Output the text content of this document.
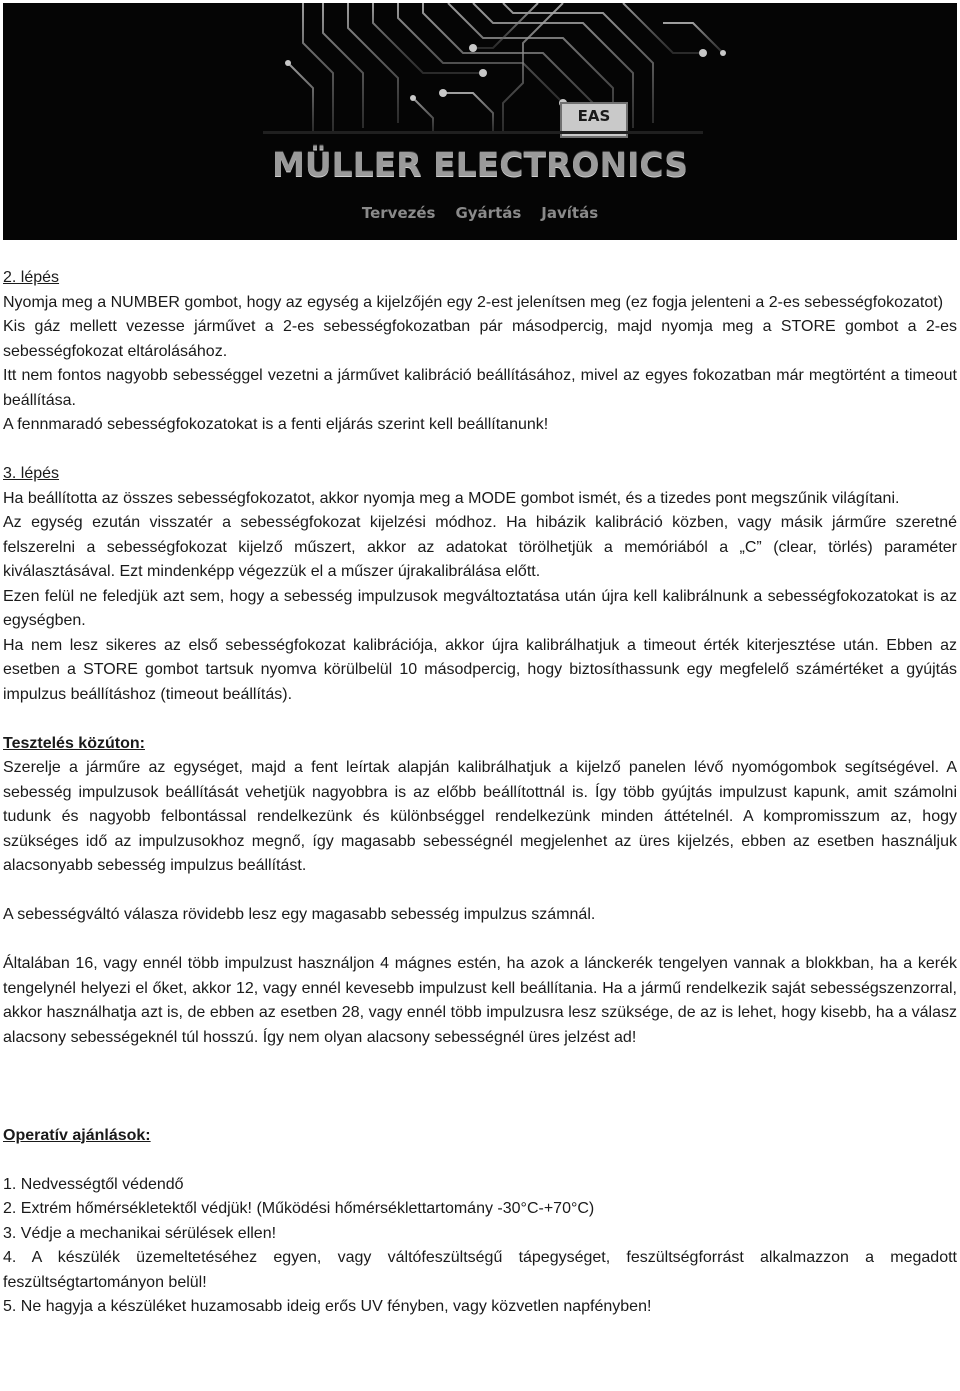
EAS
MÜLLER ELECTRONICS
Tervezés Gyártás Javítás

2. lépés

Nyomja meg a NUMBER gombot, hogy az egység a kijelzőjén egy 2-est jelenítsen meg (ez fogja jelenteni a 2-es sebességfokozatot)

Kis gáz mellett vezesse járművet a 2-es sebességfokozatban pár másodpercig, majd nyomja meg a STORE gombot a 2-es sebességfokozat eltárolásához.

Itt nem fontos nagyobb sebességgel vezetni a járművet kalibráció beállításához, mivel az egyes fokozatban már megtörtént a timeout beállítása.

A fennmaradó sebességfokozatokat is a fenti eljárás szerint kell beállítanunk!

3. lépés

Ha beállította az összes sebességfokozatot, akkor nyomja meg a MODE gombot ismét, és a tizedes pont megszűnik világítani.

Az egység ezután visszatér a sebességfokozat kijelzési módhoz. Ha hibázik kalibráció közben, vagy másik járműre szeretné felszerelni a sebességfokozat kijelző műszert, akkor az adatokat törölhetjük a memóriából a „C” (clear, törlés) paraméter kiválasztásával. Ezt mindenképp végezzük el a műszer újrakalibrálása előtt.

Ezen felül ne feledjük azt sem, hogy a sebesség impulzusok megváltoztatása után újra kell kalibrálnunk a sebességfokozatokat is az egységben.

Ha nem lesz sikeres az első sebességfokozat kalibrációja, akkor újra kalibrálhatjuk a timeout érték kiterjesztése után. Ebben az esetben a STORE gombot tartsuk nyomva körülbelül 10 másodpercig, hogy biztosíthassunk egy megfelelő számértéket a gyújtás impulzus beállításhoz (timeout beállítás).

Tesztelés közúton:

Szerelje a járműre az egységet, majd a fent leírtak alapján kalibrálhatjuk a kijelző panelen lévő nyomógombok segítségével. A sebesség impulzusok beállítását vehetjük nagyobbra is az előbb beállítottnál is. Így több gyújtás impulzust kapunk, amit számolni tudunk és nagyobb felbontással rendelkezünk és különbséggel rendelkezünk minden áttételnél. A kompromisszum az, hogy szükséges idő az impulzusokhoz megnő, így magasabb sebességnél megjelenhet az üres kijelzés, ebben az esetben használjuk alacsonyabb sebesség impulzus beállítást.

A sebességváltó válasza rövidebb lesz egy magasabb sebesség impulzus számnál.

Általában 16, vagy ennél több impulzust használjon 4 mágnes estén, ha azok a lánckerék tengelyen vannak a blokkban, ha a kerék tengelynél helyezi el őket, akkor 12, vagy ennél kevesebb impulzust kell beállítania. Ha a jármű rendelkezik saját sebességszenzorral, akkor használhatja azt is, de ebben az esetben 28, vagy ennél több impulzusra lesz szüksége, de az is lehet, hogy kisebb, ha a válasz alacsony sebességeknél túl hosszú. Így nem olyan alacsony sebességnél üres jelzést ad!

Operatív ajánlások:

1. Nedvességtől védendő

2. Extrém hőmérsékletektől védjük! (Működési hőmérséklettartomány -30°C-+70°C)

3. Védje a mechanikai sérülések ellen!

4. A készülék üzemeltetéséhez egyen, vagy váltófeszültségű tápegységet, feszültségforrást alkalmazzon a megadott feszültségtartományon belül!

5. Ne hagyja a készüléket huzamosabb ideig erős UV fényben, vagy közvetlen napfényben!
